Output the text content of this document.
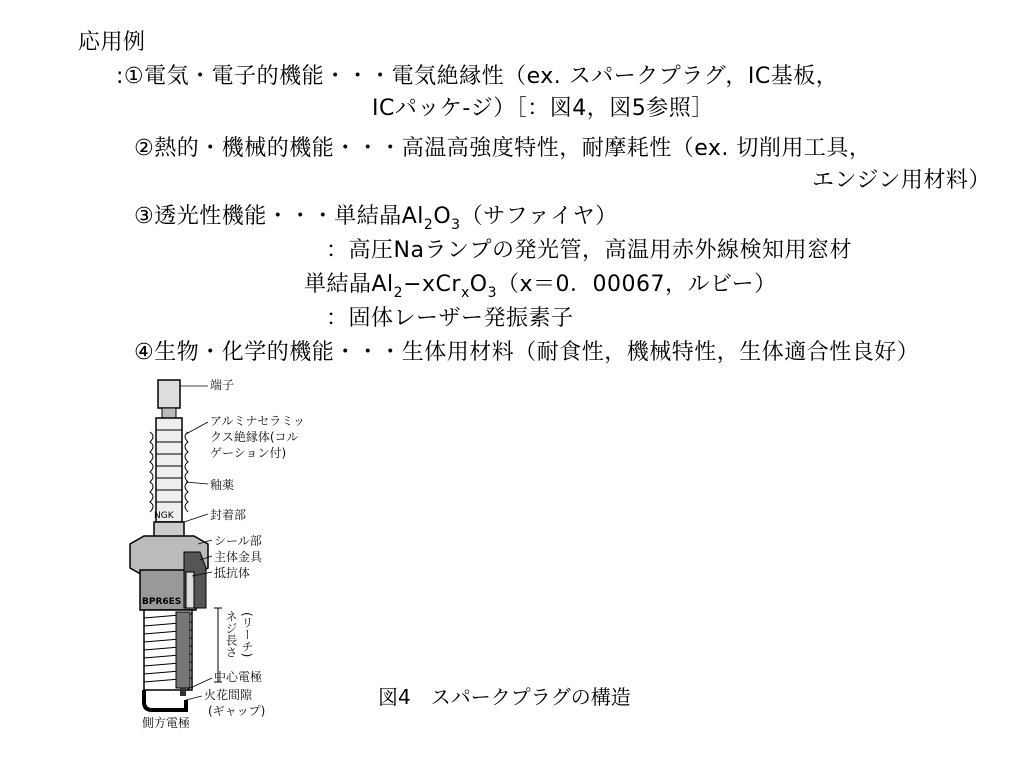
応用例
:①電気・電子的機能・・・電気絶縁性（ex. スパークプラグ，IC基板，
ICパッケ-ジ）［：図4，図5参照］
②熱的・機械的機能・・・高温高強度特性，耐摩耗性（ex. 切削用工具，
エンジン用材料）
③透光性機能・・・単結晶$Al_2O_3$（サファイヤ）
：高圧Naランプの発光管，高温用赤外線検知用窓材
単結晶$Al_2-xCr_xO_3(x=0$．00067，ルビー）
：固体レーザー発振素子
④生物・化学的機能・・・生体用材料（耐食性，機械特性，生体適合性良好）
NGK
BPR6ES
端子
アルミナセラミッ
クス絶縁体(コル
ゲーション付)
釉薬
封着部
シール部
主体金具
抵抗体
ネジ長さ (リーチ)
中心電極
火花間隙
(ギャップ)
側方電極
図4　スパークプラグの構造
